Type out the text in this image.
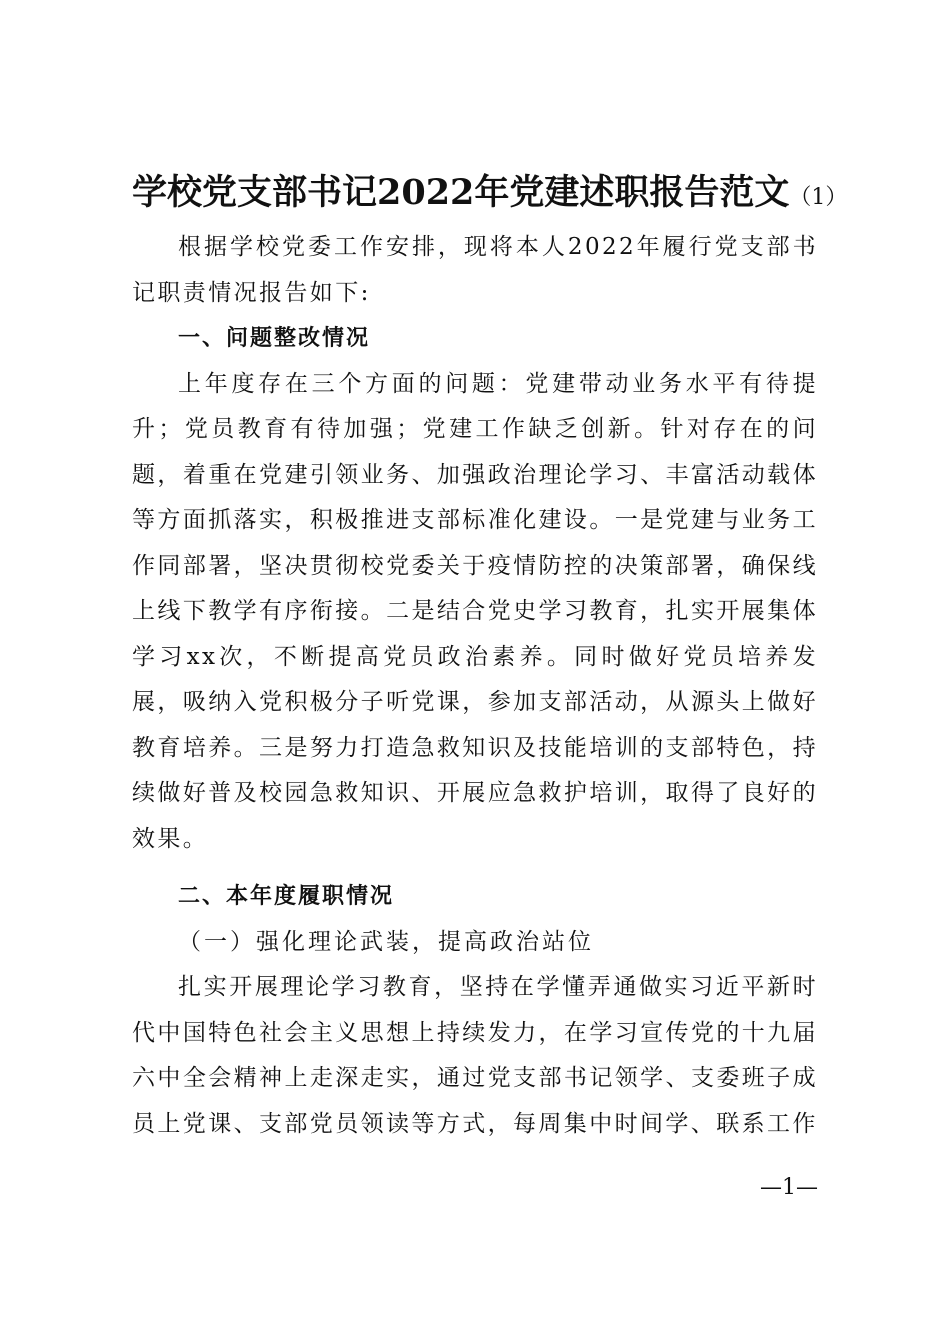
学校党支部书记2022年党建述职报告范文（1）

根据学校党委工作安排，现将本人2022年履行党支部书记职责情况报告如下:

一、问题整改情况

上年度存在三个方面的问题：党建带动业务水平有待提升；党员教育有待加强；党建工作缺乏创新。针对存在的问题，着重在党建引领业务、加强政治理论学习、丰富活动载体等方面抓落实，积极推进支部标准化建设。一是党建与业务工作同部署，坚决贯彻校党委关于疫情防控的决策部署，确保线上线下教学有序衔接。二是结合党史学习教育，扎实开展集体学习xx次，不断提高党员政治素养。同时做好党员培养发展，吸纳入党积极分子听党课，参加支部活动，从源头上做好教育培养。三是努力打造急救知识及技能培训的支部特色，持续做好普及校园急救知识、开展应急救护培训，取得了良好的效果。

二、本年度履职情况

（一）强化理论武装，提高政治站位

扎实开展理论学习教育，坚持在学懂弄通做实习近平新时代中国特色社会主义思想上持续发力，在学习宣传党的十九届六中全会精神上走深走实，通过党支部书记领学、支委班子成员上党课、支部党员领读等方式，每周集中时间学、联系工作

—1—
